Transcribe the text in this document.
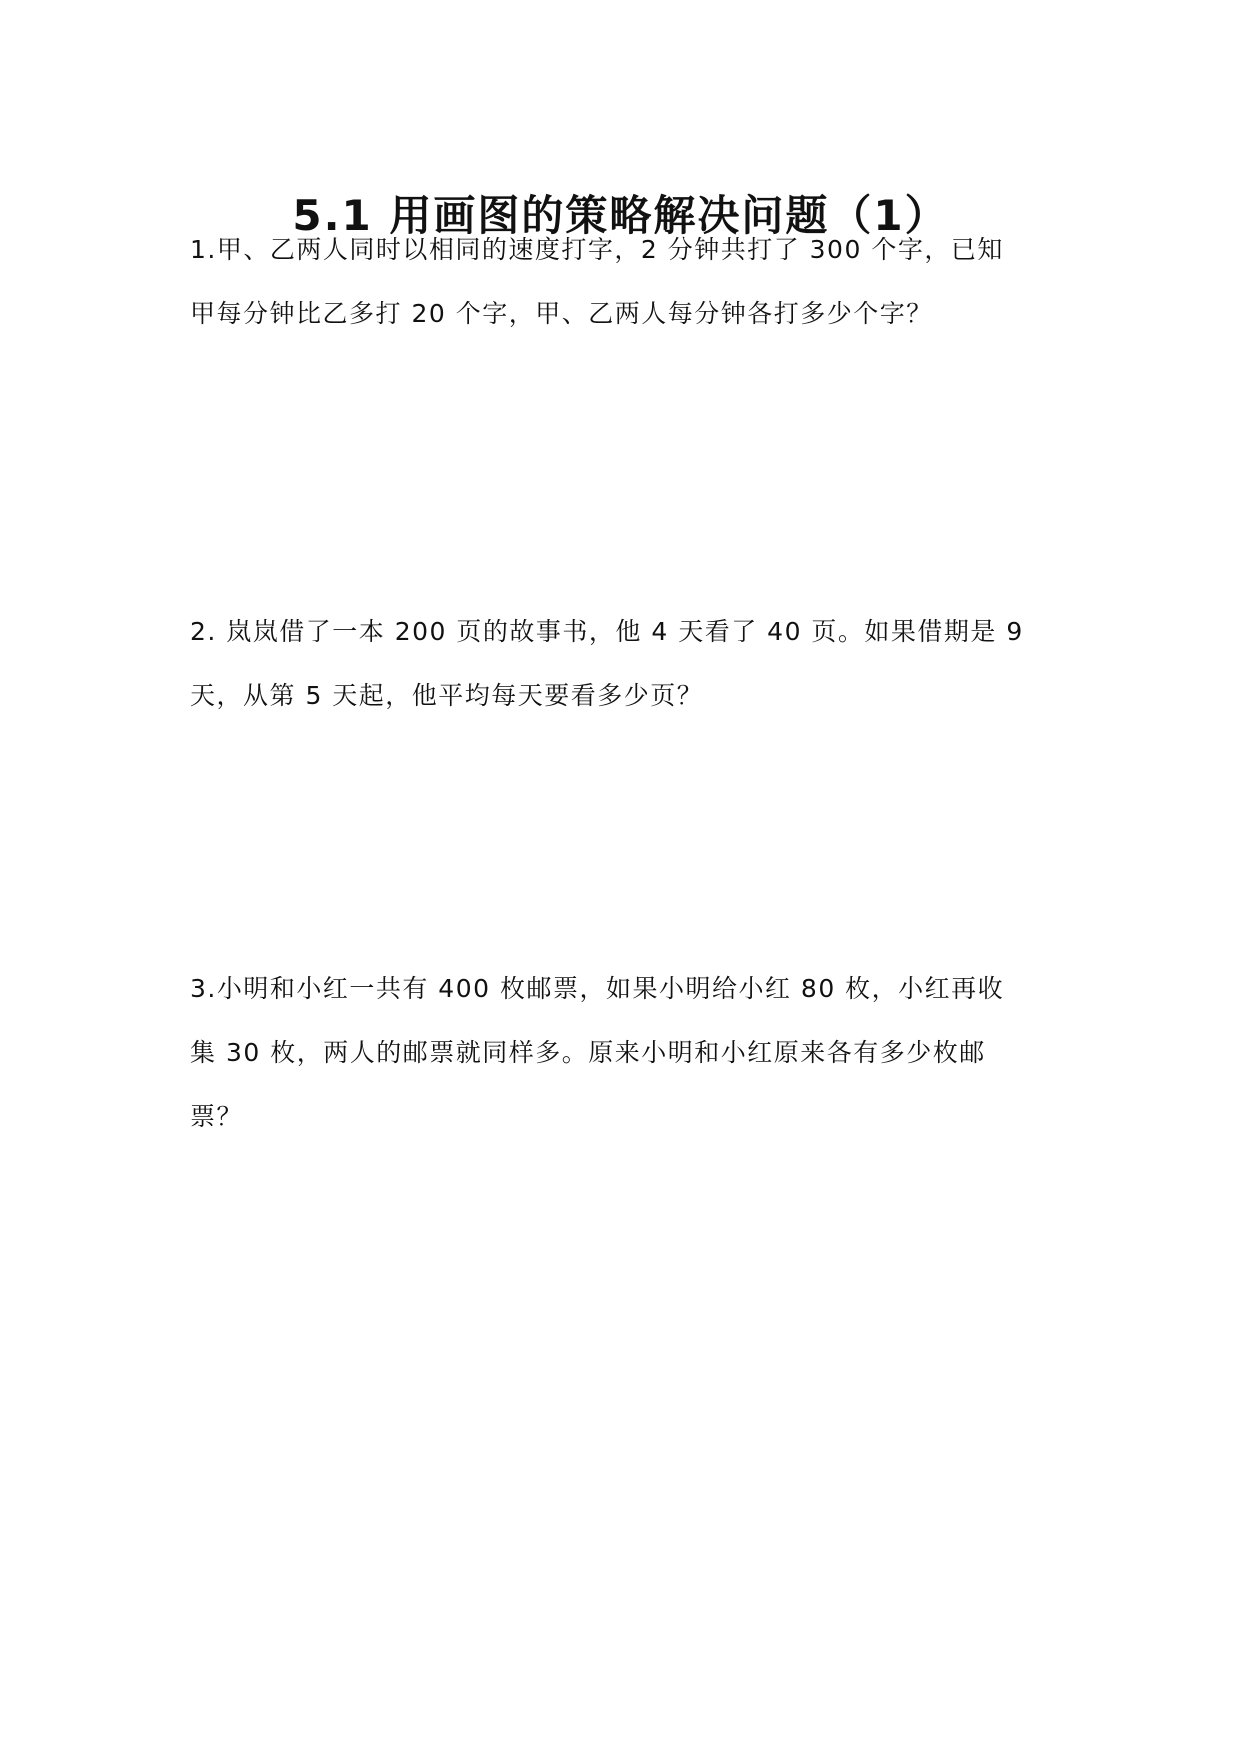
5.1 用画图的策略解决问题（1）

1.甲、乙两人同时以相同的速度打字，2 分钟共打了 300 个字，已知

甲每分钟比乙多打 20 个字，甲、乙两人每分钟各打多少个字？

2. 岚岚借了一本 200 页的故事书，他 4 天看了 40 页。如果借期是 9

天，从第 5 天起，他平均每天要看多少页？

3.小明和小红一共有 400 枚邮票，如果小明给小红 80 枚，小红再收

集 30 枚，两人的邮票就同样多。原来小明和小红原来各有多少枚邮

票？
